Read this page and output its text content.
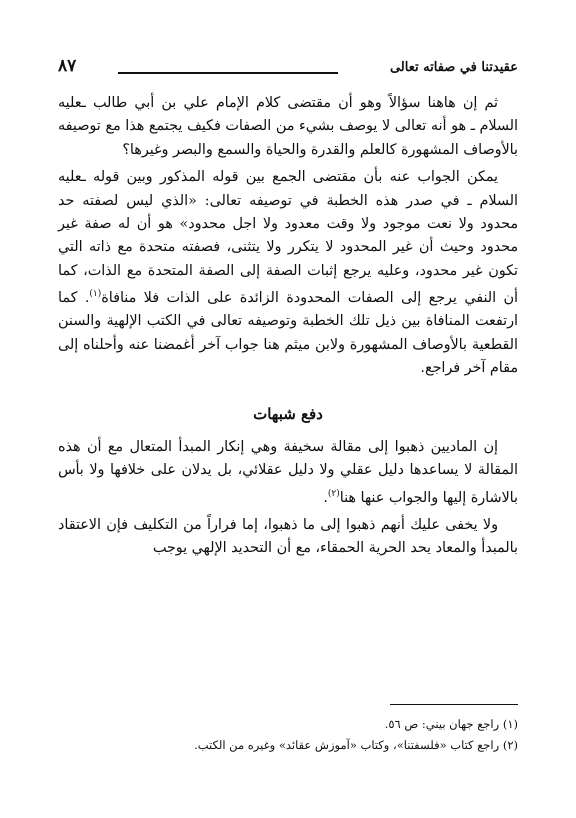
عقيدتنا في صفاته تعالى
٨٧

ثم إن هاهنا سؤالاً وهو أن مقتضى كلام الإمام علي بن أبي طالب ـعليه السلام ـ هو أنه تعالى لا يوصف بشيء من الصفات فكيف يجتمع هذا مع توصيفه بالأوصاف المشهورة كالعلم والقدرة والحياة والسمع والبصر وغيرها؟

يمكن الجواب عنه بأن مقتضى الجمع بين قوله المذكور وبين قوله ـعليه السلام ـ في صدر هذه الخطبة في توصيفه تعالى: «الذي ليس لصفته حد محدود ولا نعت موجود ولا وقت معدود ولا اجل محدود» هو أن له صفة غير محدود وحيث أن غير المحدود لا يتكرر ولا يتثنى، فصفته متحدة مع ذاته التي تكون غير محدود، وعليه يرجع إثبات الصفة إلى الصفة المتحدة مع الذات، كما أن النفي يرجع إلى الصفات المحدودة الزائدة على الذات فلا منافاة$^{(١)}$. كما ارتفعت المنافاة بين ذيل تلك الخطبة وتوصيفه تعالى في الكتب الإلهية والسنن القطعية بالأوصاف المشهورة ولابن ميثم هنا جواب آخر أغمضنا عنه وأحلناه إلى مقام آخر فراجع.

دفع شبهات

إن الماديين ذهبوا إلى مقالة سخيفة وهي إنكار المبدأ المتعال مع أن هذه المقالة لا يساعدها دليل عقلي ولا دليل عقلائي، بل يدلان على خلافها ولا بأس بالاشارة إليها والجواب عنها هنا$^{(٢)}$.

ولا يخفى عليك أنهم ذهبوا إلى ما ذهبوا، إما فراراً من التكليف فإن الاعتقاد بالمبدأ والمعاد يحد الحرية الحمقاء، مع أن التحديد الإلهي يوجب

(١) راجع جهان بيني: ص ٥٦.
(٢) راجع كتاب «فلسفتنا»، وكتاب «آموزش عقائد» وغيره من الكتب.
